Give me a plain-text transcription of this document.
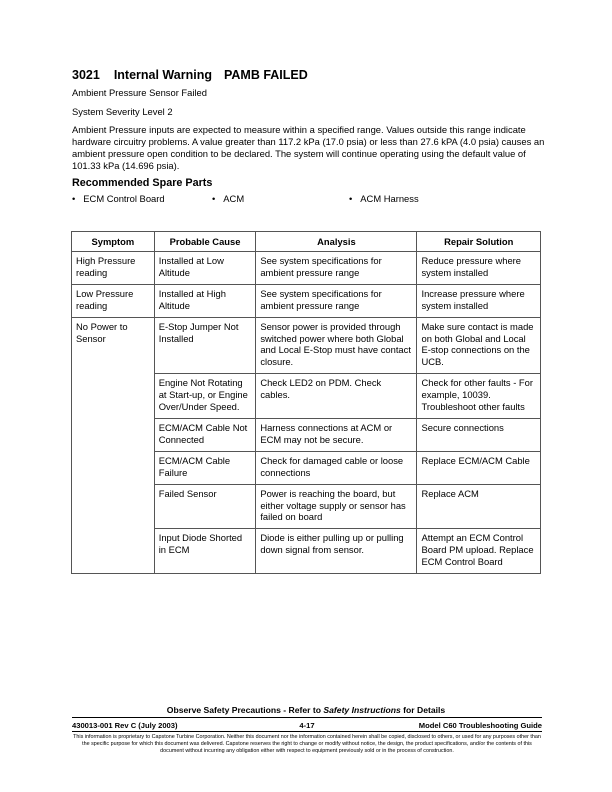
3021 Internal Warning PAMB FAILED
Ambient Pressure Sensor Failed
System Severity Level 2
Ambient Pressure inputs are expected to measure within a specified range. Values outside this range indicate hardware circuitry problems. A value greater than 117.2 kPa (17.0 psia) or less than 27.6 kPA (4.0 psia) causes an ambient pressure open condition to be declared. The system will continue operating using the default value of 101.33 kPa (14.696 psia).
Recommended Spare Parts
• ECM Control Board	• ACM	• ACM Harness
Symptom	Probable Cause	Analysis	Repair Solution
High Pressure reading	Installed at Low Altitude	See system specifications for ambient pressure range	Reduce pressure where system installed
Low Pressure reading	Installed at High Altitude	See system specifications for ambient pressure range	Increase pressure where system installed
No Power to Sensor	E-Stop Jumper Not Installed	Sensor power is provided through switched power where both Global and Local E-Stop must have contact closure.	Make sure contact is made on both Global and Local E-stop connections on the UCB.
	Engine Not Rotating at Start-up, or Engine Over/Under Speed.	Check LED2 on PDM. Check cables.	Check for other faults - For example, 10039. Troubleshoot other faults
	ECM/ACM Cable Not Connected	Harness connections at ACM or ECM may not be secure.	Secure connections
	ECM/ACM Cable Failure	Check for damaged cable or loose connections	Replace ECM/ACM Cable
	Failed Sensor	Power is reaching the board, but either voltage supply or sensor has failed on board	Replace ACM
	Input Diode Shorted in ECM	Diode is either pulling up or pulling down signal from sensor.	Attempt an ECM Control Board PM upload. Replace ECM Control Board
Observe Safety Precautions - Refer to Safety Instructions for Details
430013-001 Rev C (July 2003)	4-17	Model C60 Troubleshooting Guide
This information is proprietary to Capstone Turbine Corporation. Neither this document nor the information contained herein shall be copied, disclosed to others, or used for any purposes other than the specific purpose for which this document was delivered. Capstone reserves the right to change or modify without notice, the design, the product specifications, and/or the contents of this document without incurring any obligation either with respect to equipment previously sold or in the process of construction.
